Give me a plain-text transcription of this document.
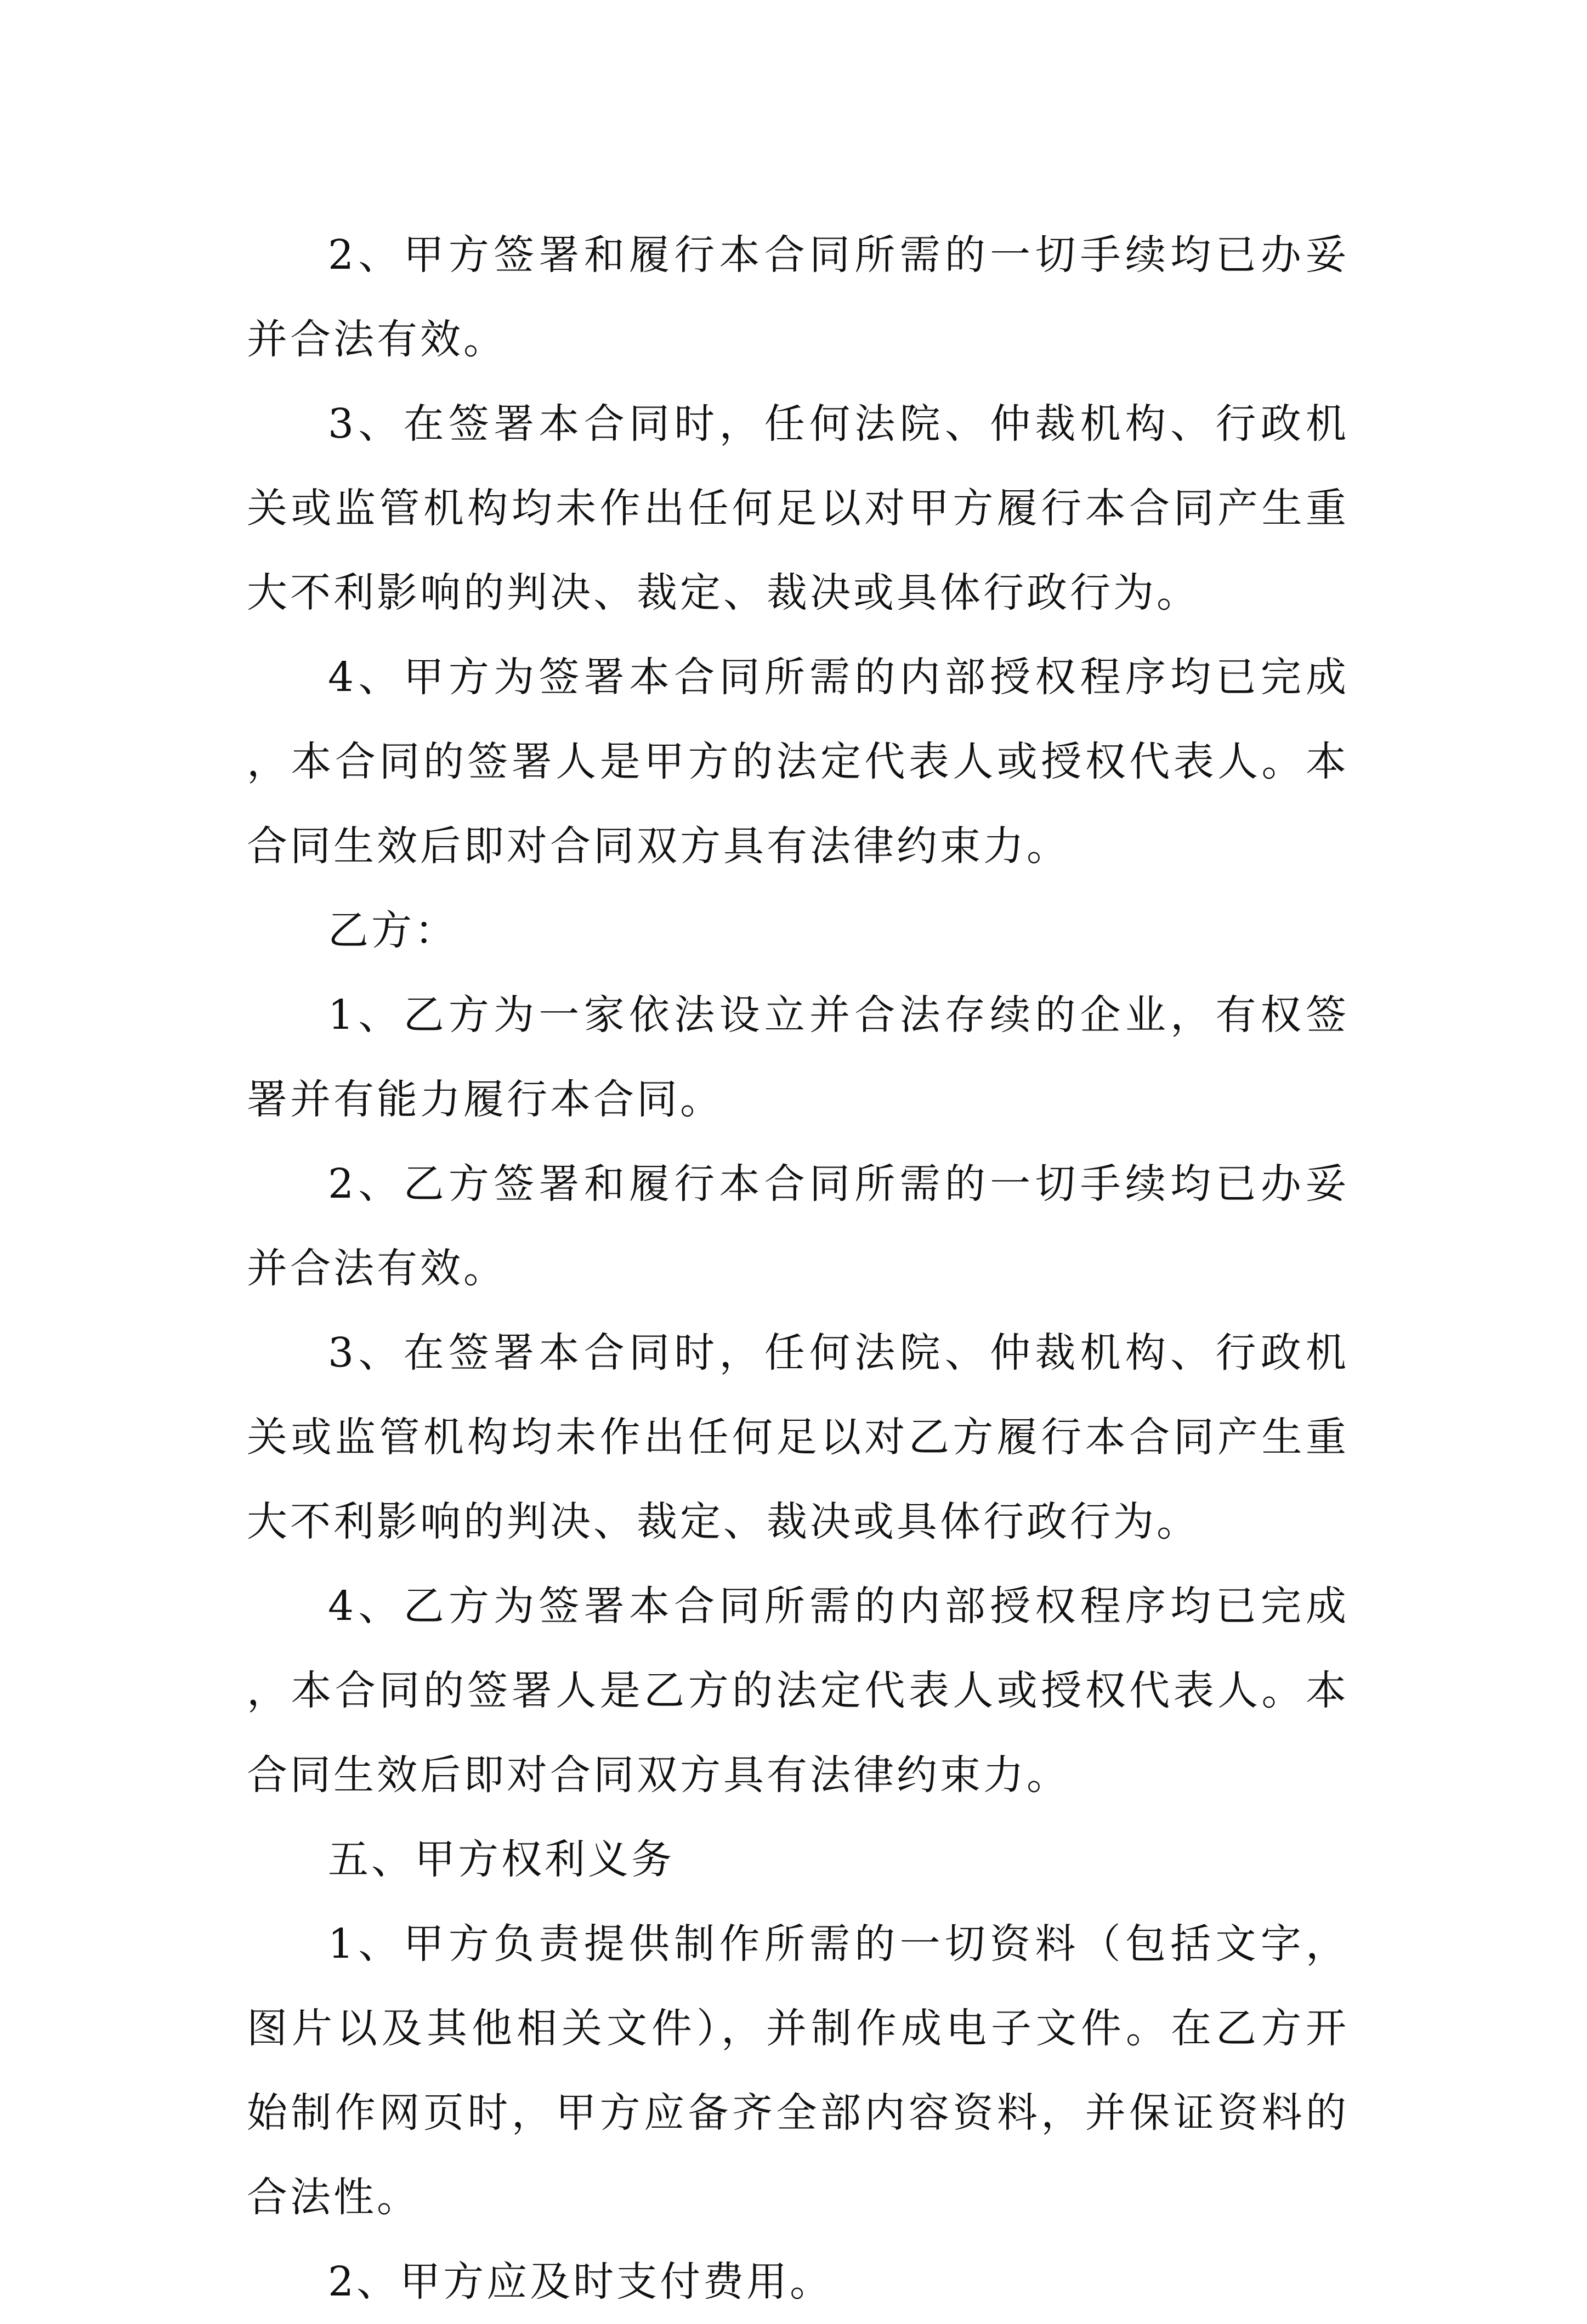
2、甲方签署和履行本合同所需的一切手续均已办妥并合法有效。

3、在签署本合同时，任何法院、仲裁机构、行政机关或监管机构均未作出任何足以对甲方履行本合同产生重大不利影响的判决、裁定、裁决或具体行政行为。

4、甲方为签署本合同所需的内部授权程序均已完成，本合同的签署人是甲方的法定代表人或授权代表人。本合同生效后即对合同双方具有法律约束力。

乙方：

1、乙方为一家依法设立并合法存续的企业，有权签署并有能力履行本合同。

2、乙方签署和履行本合同所需的一切手续均已办妥并合法有效。

3、在签署本合同时，任何法院、仲裁机构、行政机关或监管机构均未作出任何足以对乙方履行本合同产生重大不利影响的判决、裁定、裁决或具体行政行为。

4、乙方为签署本合同所需的内部授权程序均已完成，本合同的签署人是乙方的法定代表人或授权代表人。本合同生效后即对合同双方具有法律约束力。

五、甲方权利义务

1、甲方负责提供制作所需的一切资料（包括文字，图片以及其他相关文件），并制作成电子文件。在乙方开始制作网页时，甲方应备齐全部内容资料，并保证资料的合法性。

2、甲方应及时支付费用。
